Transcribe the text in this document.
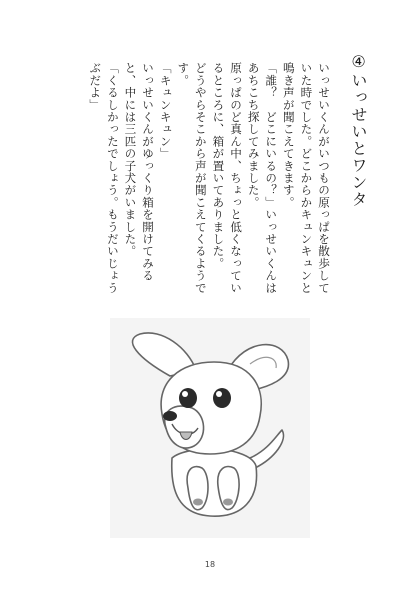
④いっせいとワンタ

いっせいくんがいつもの原っぱを散歩していた時でした。どこからかキュンキュンと鳴き声が聞こえてきます。

「誰？　どこにいるの？」いっせいくんはあちこち探してみました。

原っぱのど真ん中、ちょっと低くなっているところに、箱が置いてありました。

どうやらそこから声が聞こえてくるようです。

「キュンキュン」

いっせいくんがゆっくり箱を開けてみると、中には三匹の子犬がいました。

「くるしかったでしょう。もうだいじょうぶだよ」

18
